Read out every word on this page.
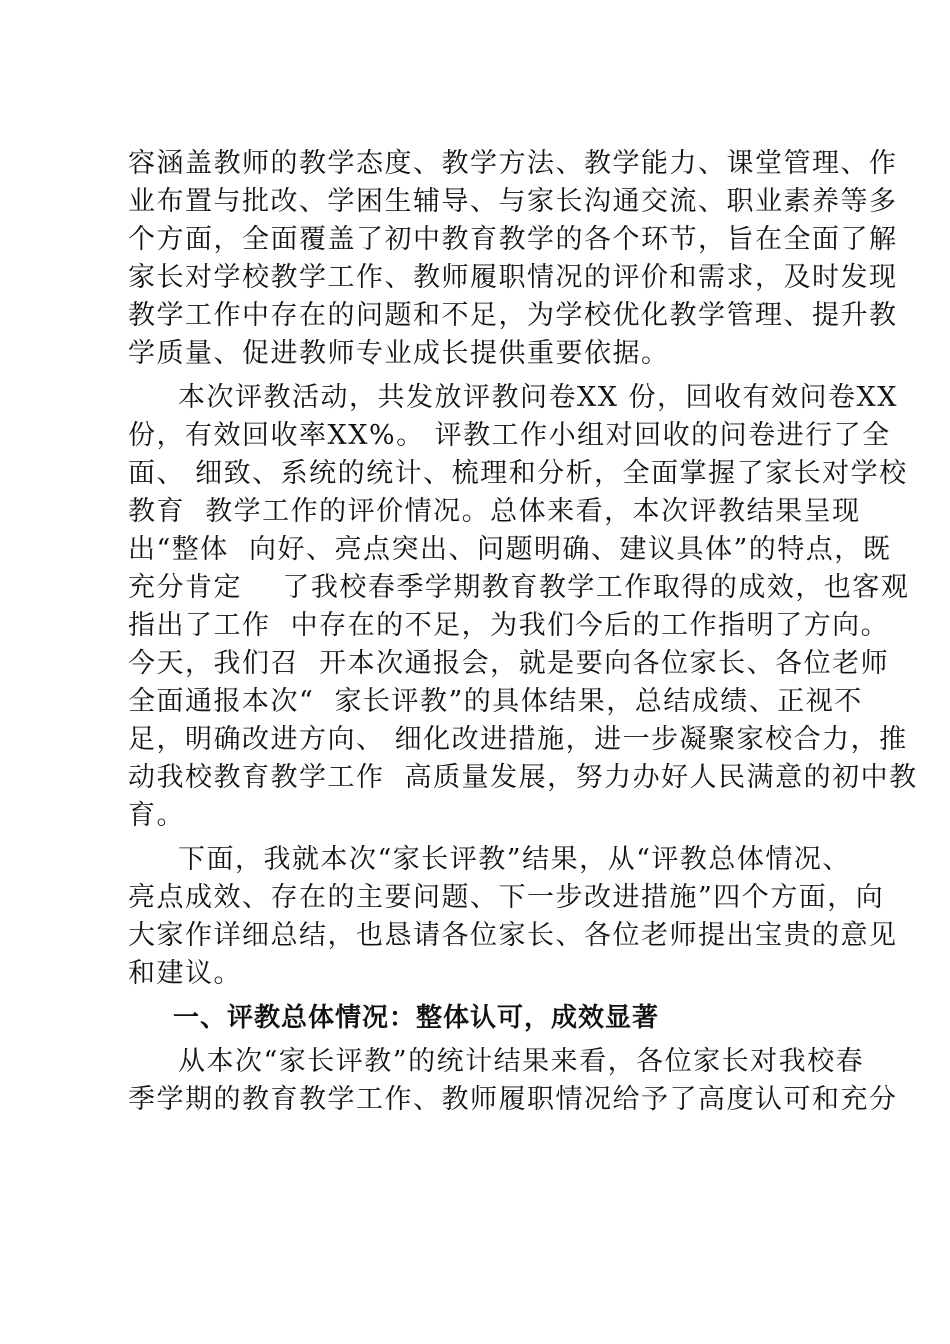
容涵盖教师的教学态度、教学方法、教学能力、课堂管理、作
业布置与批改、学困生辅导、与家长沟通交流、职业素养等多
个方面，全面覆盖了初中教育教学的各个环节，旨在全面了解
家长对学校教学工作、教师履职情况的评价和需求，及时发现
教学工作中存在的问题和不足，为学校优化教学管理、提升教
学质量、促进教师专业成长提供重要依据。
本次评教活动，共发放评教问卷XX 份，回收有效问卷XX
份，有效回收率XX%。 评教工作小组对回收的问卷进行了全
面、 细致、系统的统计、梳理和分析，全面掌握了家长对学校
教育  教学工作的评价情况。总体来看，本次评教结果呈现
出“整体  向好、亮点突出、问题明确、建议具体”的特点，既
充分肯定    了我校春季学期教育教学工作取得的成效，也客观
指出了工作  中存在的不足，为我们今后的工作指明了方向。
今天，我们召  开本次通报会，就是要向各位家长、各位老师
全面通报本次“  家长评教”的具体结果，总结成绩、正视不
足，明确改进方向、 细化改进措施，进一步凝聚家校合力，推
动我校教育教学工作  高质量发展，努力办好人民满意的初中教
育。
下面，我就本次“家长评教”结果，从“评教总体情况、
亮点成效、存在的主要问题、下一步改进措施”四个方面，向
大家作详细总结，也恳请各位家长、各位老师提出宝贵的意见
和建议。
一、评教总体情况：整体认可，成效显著
从本次“家长评教”的统计结果来看，各位家长对我校春
季学期的教育教学工作、教师履职情况给予了高度认可和充分
